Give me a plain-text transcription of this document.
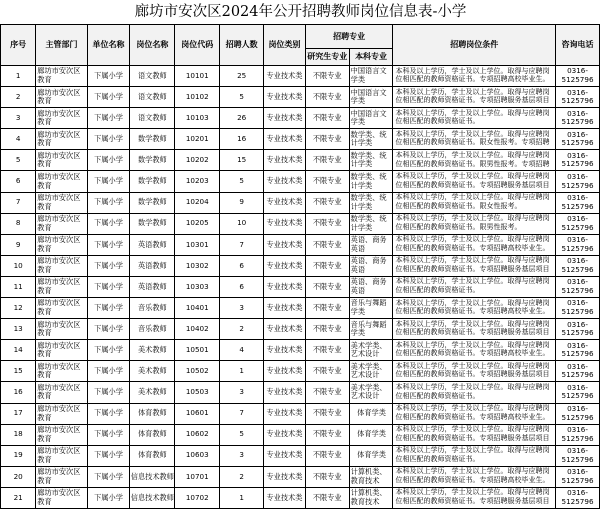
廊坊市安次区2024年公开招聘教师岗位信息表-小学
序号	主管部门	单位名称	岗位名称	岗位代码	招聘人数	岗位类别	招聘专业		招聘岗位条件	咨询电话
							研究生专业	本科专业		

1	廊坊市安次区教育	下属小学	语文教师	10101	25	专业技术类	不限专业	中国语言文学类	本科及以上学历，学士及以上学位。取得与应聘岗位相匹配的教师资格证书。专项招聘高校毕业生。	0316-5125796

2	廊坊市安次区教育	下属小学	语文教师	10102	5	专业技术类	不限专业	中国语言文学类	本科及以上学历，学士及以上学位。取得与应聘岗位相匹配的教师资格证书。专项招聘服务基层项目	0316-5125796

3	廊坊市安次区教育	下属小学	语文教师	10103	26	专业技术类	不限专业	中国语言文学类	本科及以上学历，学士及以上学位。取得与应聘岗位相匹配的教师资格证书。	0316-5125796

4	廊坊市安次区教育	下属小学	数学教师	10201	16	专业技术类	不限专业	数学类、统计学类	本科及以上学历，学士及以上学位。取得与应聘岗位相匹配的教师资格证书。限女性报考。专项招聘	0316-5125796

5	廊坊市安次区教育	下属小学	数学教师	10202	15	专业技术类	不限专业	数学类、统计学类	本科及以上学历，学士及以上学位。取得与应聘岗位相匹配的教师资格证书。限男性报考。专项招聘	0316-5125796

6	廊坊市安次区教育	下属小学	数学教师	10203	5	专业技术类	不限专业	数学类、统计学类	本科及以上学历，学士及以上学位。取得与应聘岗位相匹配的教师资格证书。专项招聘服务基层项目	0316-5125796

7	廊坊市安次区教育	下属小学	数学教师	10204	9	专业技术类	不限专业	数学类、统计学类	本科及以上学历，学士及以上学位。取得与应聘岗位相匹配的教师资格证书。限女性报考。	0316-5125796

8	廊坊市安次区教育	下属小学	数学教师	10205	10	专业技术类	不限专业	数学类、统计学类	本科及以上学历，学士及以上学位。取得与应聘岗位相匹配的教师资格证书。限男性报考。	0316-5125796

9	廊坊市安次区教育	下属小学	英语教师	10301	7	专业技术类	不限专业	英语、商务英语	本科及以上学历，学士及以上学位。取得与应聘岗位相匹配的教师资格证书。专项招聘高校毕业生。	0316-5125796

10	廊坊市安次区教育	下属小学	英语教师	10302	6	专业技术类	不限专业	英语、商务英语	本科及以上学历，学士及以上学位。取得与应聘岗位相匹配的教师资格证书。专项招聘服务基层项目	0316-5125796

11	廊坊市安次区教育	下属小学	英语教师	10303	6	专业技术类	不限专业	英语、商务英语	本科及以上学历，学士及以上学位。取得与应聘岗位相匹配的教师资格证书。	0316-5125796

12	廊坊市安次区教育	下属小学	音乐教师	10401	3	专业技术类	不限专业	音乐与舞蹈学类	本科及以上学历，学士及以上学位。取得与应聘岗位相匹配的教师资格证书。专项招聘高校毕业生。	0316-5125796

13	廊坊市安次区教育	下属小学	音乐教师	10402	2	专业技术类	不限专业	音乐与舞蹈学类	本科及以上学历，学士及以上学位。取得与应聘岗位相匹配的教师资格证书。专项招聘服务基层项目	0316-5125796

14	廊坊市安次区教育	下属小学	美术教师	10501	4	专业技术类	不限专业	美术学类、艺术设计	本科及以上学历，学士及以上学位。取得与应聘岗位相匹配的教师资格证书。专项招聘高校毕业生。	0316-5125796

15	廊坊市安次区教育	下属小学	美术教师	10502	1	专业技术类	不限专业	美术学类、艺术设计	本科及以上学历，学士及以上学位。取得与应聘岗位相匹配的教师资格证书。专项招聘服务基层项目	0316-5125796

16	廊坊市安次区教育	下属小学	美术教师	10503	3	专业技术类	不限专业	美术学类、艺术设计	本科及以上学历，学士及以上学位。取得与应聘岗位相匹配的教师资格证书。	0316-5125796

17	廊坊市安次区教育	下属小学	体育教师	10601	7	专业技术类	不限专业	体育学类	本科及以上学历，学士及以上学位。取得与应聘岗位相匹配的教师资格证书。专项招聘高校毕业生。	0316-5125796

18	廊坊市安次区教育	下属小学	体育教师	10602	5	专业技术类	不限专业	体育学类	本科及以上学历，学士及以上学位。取得与应聘岗位相匹配的教师资格证书。专项招聘服务基层项目	0316-5125796

19	廊坊市安次区教育	下属小学	体育教师	10603	3	专业技术类	不限专业	体育学类	本科及以上学历，学士及以上学位。取得与应聘岗位相匹配的教师资格证书。	0316-5125796

20	廊坊市安次区教育	下属小学	信息技术教师	10701	2	专业技术类	不限专业	计算机类、教育技术	本科及以上学历，学士及以上学位。取得与应聘岗位相匹配的教师资格证书。专项招聘高校毕业生。	0316-5125796

21	廊坊市安次区教育	下属小学	信息技术教师	10702	1	专业技术类	不限专业	计算机类、教育技术	本科及以上学历，学士及以上学位。取得与应聘岗位相匹配的教师资格证书。专项招聘服务基层项目	0316-5125796
